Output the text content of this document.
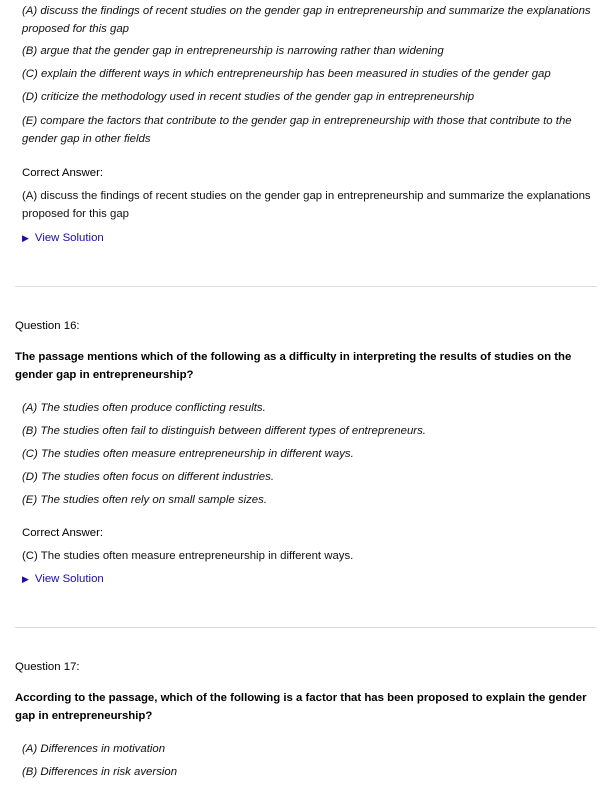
(A) discuss the findings of recent studies on the gender gap in entrepreneurship and summarize the explanations proposed for this gap
(B) argue that the gender gap in entrepreneurship is narrowing rather than widening
(C) explain the different ways in which entrepreneurship has been measured in studies of the gender gap
(D) criticize the methodology used in recent studies of the gender gap in entrepreneurship
(E) compare the factors that contribute to the gender gap in entrepreneurship with those that contribute to the gender gap in other fields
Correct Answer:
(A) discuss the findings of recent studies on the gender gap in entrepreneurship and summarize the explanations proposed for this gap
▶ View Solution
Question 16:
The passage mentions which of the following as a difficulty in interpreting the results of studies on the gender gap in entrepreneurship?
(A) The studies often produce conflicting results.
(B) The studies often fail to distinguish between different types of entrepreneurs.
(C) The studies often measure entrepreneurship in different ways.
(D) The studies often focus on different industries.
(E) The studies often rely on small sample sizes.
Correct Answer:
(C) The studies often measure entrepreneurship in different ways.
▶ View Solution
Question 17:
According to the passage, which of the following is a factor that has been proposed to explain the gender gap in entrepreneurship?
(A) Differences in motivation
(B) Differences in risk aversion
